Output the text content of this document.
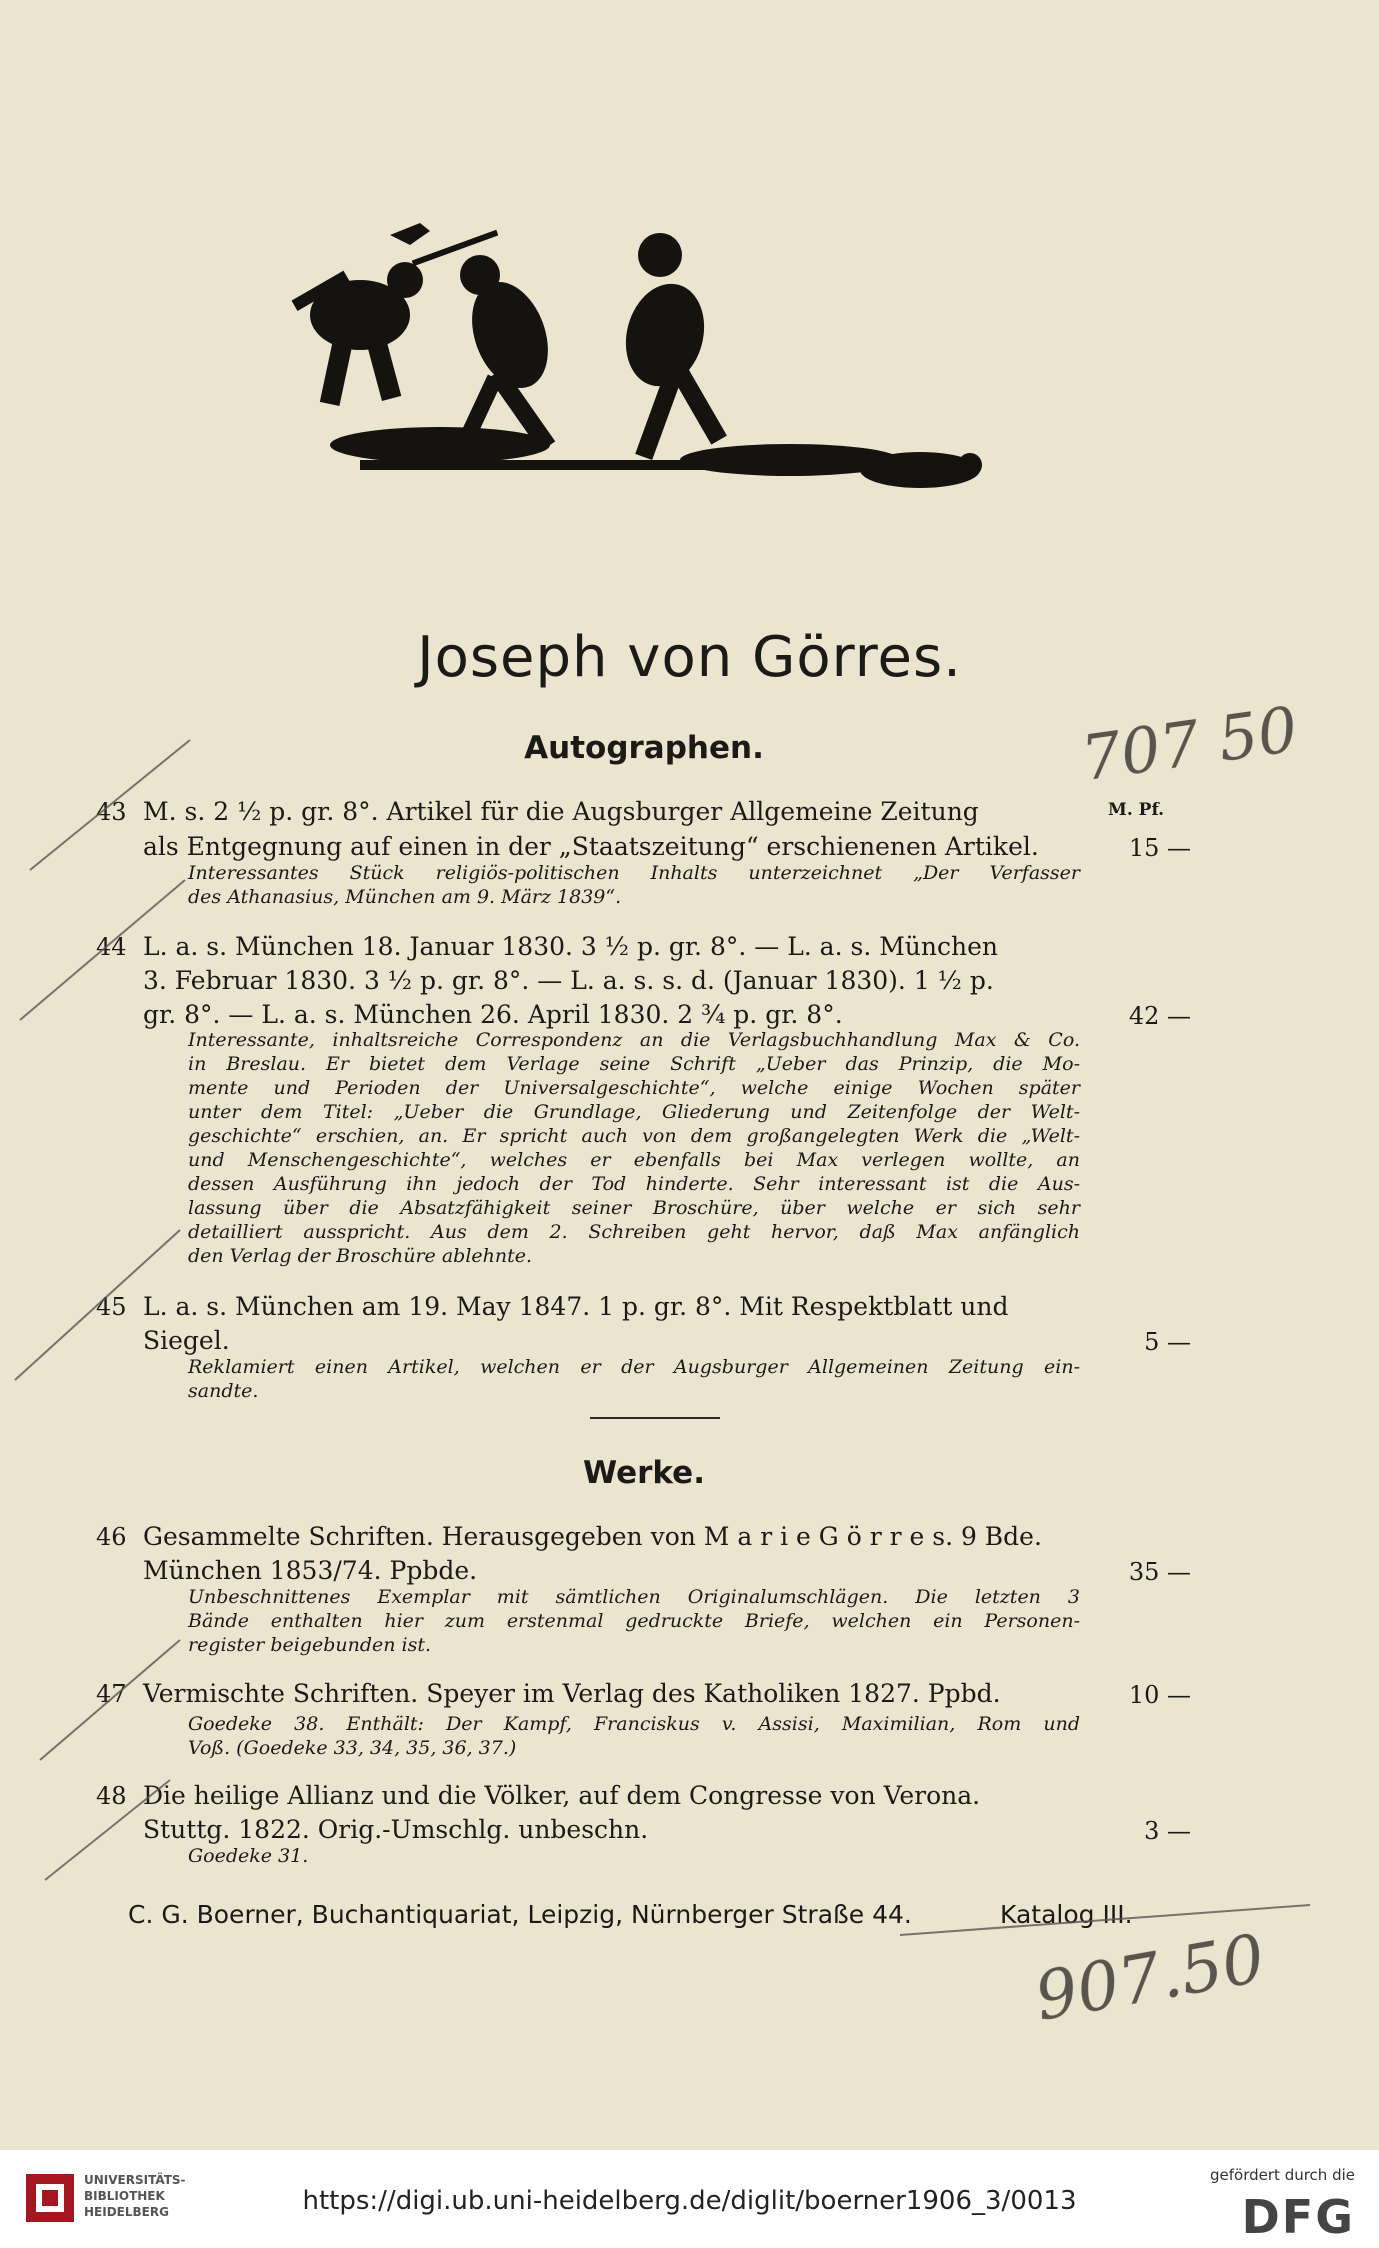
Joseph von Görres.
Autographen.
M. Pf.
43 M. s. 2 ½ p. gr. 8°. Artikel für die Augsburger Allgemeine Zeitung
als Entgegnung auf einen in der „Staatszeitung“ erschienenen Artikel.	15 —
Interessantes Stück religiös-politischen Inhalts unterzeichnet „Der Verfasser
des Athanasius, München am 9. März 1839“.
44 L. a. s. München 18. Januar 1830. 3 ½ p. gr. 8°. — L. a. s. München
3. Februar 1830. 3 ½ p. gr. 8°. — L. a. s. s. d. (Januar 1830). 1 ½ p.
gr. 8°. — L. a. s. München 26. April 1830. 2 ¾ p. gr. 8°.	42 —
Interessante, inhaltsreiche Correspondenz an die Verlagsbuchhandlung Max & Co.
in Breslau. Er bietet dem Verlage seine Schrift „Ueber das Prinzip, die Mo-
mente und Perioden der Universalgeschichte“, welche einige Wochen später
unter dem Titel: „Ueber die Grundlage, Gliederung und Zeitenfolge der Welt-
geschichte“ erschien, an. Er spricht auch von dem großangelegten Werk die „Welt-
und Menschengeschichte“, welches er ebenfalls bei Max verlegen wollte, an
dessen Ausführung ihn jedoch der Tod hinderte. Sehr interessant ist die Aus-
lassung über die Absatzfähigkeit seiner Broschüre, über welche er sich sehr
detailliert ausspricht. Aus dem 2. Schreiben geht hervor, daß Max anfänglich
den Verlag der Broschüre ablehnte.
45 L. a. s. München am 19. May 1847. 1 p. gr. 8°. Mit Respektblatt und
Siegel.	5 —
Reklamiert einen Artikel, welchen er der Augsburger Allgemeinen Zeitung ein-
sandte.
Werke.
46 Gesammelte Schriften. Herausgegeben von M a r i e G ö r r e s. 9 Bde.
München 1853/74. Ppbde.	35 —
Unbeschnittenes Exemplar mit sämtlichen Originalumschlägen. Die letzten 3
Bände enthalten hier zum erstenmal gedruckte Briefe, welchen ein Personen-
register beigebunden ist.
47 Vermischte Schriften. Speyer im Verlag des Katholiken 1827. Ppbd.	10 —
Goedeke 38. Enthält: Der Kampf, Franciskus v. Assisi, Maximilian, Rom und
Voß. (Goedeke 33, 34, 35, 36, 37.)
48 Die heilige Allianz und die Völker, auf dem Congresse von Verona.
Stuttg. 1822. Orig.-Umschlg. unbeschn.	3 —
Goedeke 31.
C. G. Boerner, Buchantiquariat, Leipzig, Nürnberger Straße 44.	Katalog III.
707 50
907.50
UNIVERSITÄTS-
BIBLIOTHEK
HEIDELBERG	https://digi.ub.uni-heidelberg.de/diglit/boerner1906_3/0013
gefördert durch die
DFG
